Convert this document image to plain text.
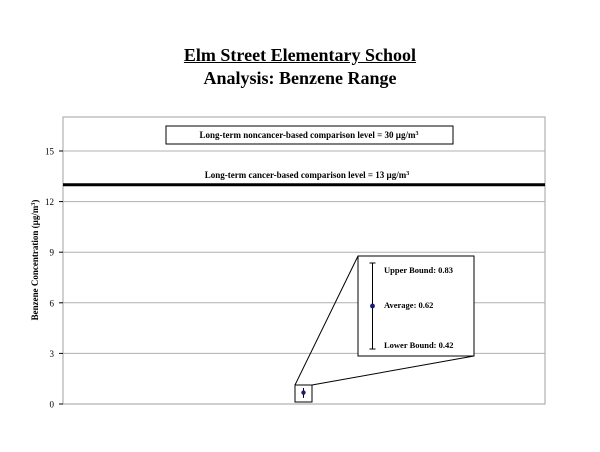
Elm Street Elementary School
Analysis: Benzene Range
0
3
6
9
12
15
Benzene Concentration $(\mu g/m^3)$
Long-term noncancer-based comparison level = 30 $\mu g/m^3$
Long-term cancer-based comparison level = 13 $\mu g/m^3$
Upper Bound: 0.83
Average: 0.62
Lower Bound: 0.42
